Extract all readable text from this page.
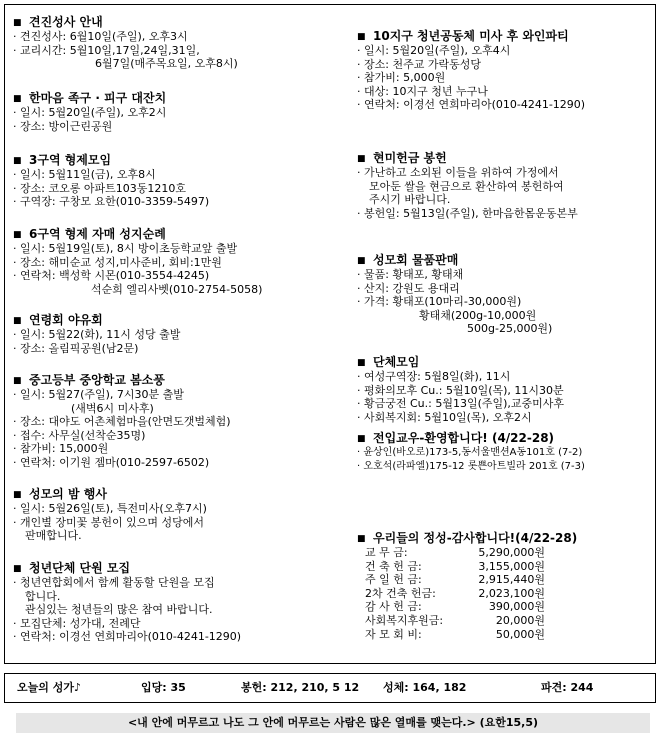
■견진성사 안내
· 견진성사: 6월10일(주일), 오후3시
· 교리시간: 5월10일,17일,24일,31일,
6월7일(매주목요일, 오후8시)
■한마음 족구 · 피구 대잔치
· 일시: 5월20일(주일), 오후2시
· 장소: 방이근린공원
■3구역 형제모임
· 일시: 5월11일(금), 오후8시
· 장소: 코오롱 아파트103동1210호
· 구역장: 구창모 요한(010-3359-5497)
■6구역 형제 자매 성지순례
· 일시: 5월19일(토), 8시 방이초등학교앞 출발
· 장소: 해미순교 성지,미사준비, 회비:1만원
· 연락처: 백성학 시몬(010-3554-4245)
석순희 엘리사벳(010-2754-5058)
■연령회 야유회
· 일시: 5월22(화), 11시 성당 출발
· 장소: 올림픽공원(남2문)
■중고등부 중앙학교 봄소풍
· 일시: 5월27(주일), 7시30분 출발
(새벽6시 미사후)
· 장소: 대야도 어촌체험마을(안면도갯벌체험)
· 접수: 사무실(선착순35명)
· 참가비: 15,000원
· 연락처: 이기원 젬마(010-2597-6502)
■성모의 밤 행사
· 일시: 5월26일(토), 특전미사(오후7시)
· 개인별 장미꽃 봉헌이 있으며 성당에서
판매합니다.
■청년단체 단원 모집
· 청년연합회에서 함께 활동할 단원을 모집
합니다.
관심있는 청년들의 많은 참여 바랍니다.
· 모집단체: 성가대, 전례단
· 연락처: 이경선 연희마리아(010-4241-1290)
■10지구 청년공동체 미사 후 와인파티
· 일시: 5월20일(주일), 오후4시
· 장소: 천주교 가락동성당
· 참가비: 5,000원
· 대상: 10지구 청년 누구나
· 연락처: 이경선 연희마리아(010-4241-1290)
■현미헌금 봉헌
· 가난하고 소외된 이들을 위하여 가정에서
모아둔 쌀을 현금으로 환산하여 봉헌하여
주시기 바랍니다.
· 봉헌일: 5월13일(주일), 한마음한몸운동본부
■성모회 물품판매
· 물품: 황태포, 황태채
· 산지: 강원도 용대리
· 가격: 황태포(10마리-30,000원)
황태채(200g-10,000원
500g-25,000원)
■단체모임
· 여성구역장: 5월8일(화), 11시
· 평화의모후 Cu.: 5월10일(목), 11시30분
· 황금궁전 Cu.: 5월13일(주일),교중미사후
· 사회복지회: 5월10일(목), 오후2시
■전입교우-환영합니다! (4/22-28)
· 윤상인(바오로)173-5,동서울맨션A동101호 (7-2)
· 오호석(라파엘)175-12 롯쁜아트빌라 201호 (7-3)
■우리들의 정성-감사합니다!(4/22-28)
교 무 금:	5,290,000원
건 축 헌 금:	3,155,000원
주 일 헌 금:	2,915,440원
2차 건축 헌금:	2,023,100원
감 사 헌 금:	390,000원
사회복지후원금:	20,000원
자 모 회 비:	50,000원
오늘의 성가♪	입당: 35	봉헌: 212, 210, 5 12 성체: 164, 182	파견: 244
<내 안에 머무르고 나도 그 안에 머무르는 사람은 많은 열매를 맺는다.> (요한15,5)
